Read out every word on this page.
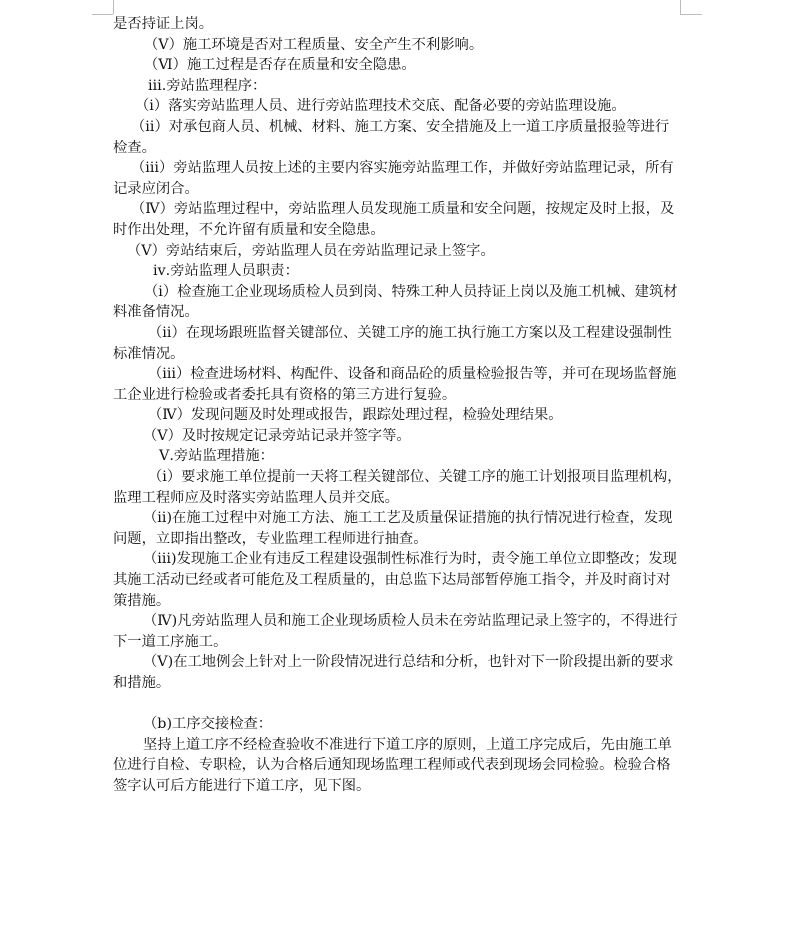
是否持证上岗。

（Ⅴ）施工环境是否对工程质量、安全产生不利影响。

（Ⅵ）施工过程是否存在质量和安全隐患。

ⅲ.旁站监理程序：

（ⅰ）落实旁站监理人员、进行旁站监理技术交底、配备必要的旁站监理设施。

（ⅱ）对承包商人员、机械、材料、施工方案、安全措施及上一道工序质量报验等进行检查。

（ⅲ）旁站监理人员按上述的主要内容实施旁站监理工作，并做好旁站监理记录，所有记录应闭合。

（Ⅳ）旁站监理过程中，旁站监理人员发现施工质量和安全问题，按规定及时上报，及时作出处理，不允许留有质量和安全隐患。

（Ⅴ）旁站结束后，旁站监理人员在旁站监理记录上签字。

ⅳ.旁站监理人员职责：

（ⅰ）检查施工企业现场质检人员到岗、特殊工种人员持证上岗以及施工机械、建筑材料准备情况。

（ⅱ）在现场跟班监督关键部位、关键工序的施工执行施工方案以及工程建设强制性标准情况。

（ⅲ）检查进场材料、构配件、设备和商品砼的质量检验报告等，并可在现场监督施工企业进行检验或者委托具有资格的第三方进行复验。

（Ⅳ）发现问题及时处理或报告，跟踪处理过程，检验处理结果。

（Ⅴ）及时按规定记录旁站记录并签字等。

Ⅴ.旁站监理措施：

（ⅰ）要求施工单位提前一天将工程关键部位、关键工序的施工计划报项目监理机构，监理工程师应及时落实旁站监理人员并交底。

（ⅱ)在施工过程中对施工方法、施工工艺及质量保证措施的执行情况进行检查，发现问题，立即指出整改，专业监理工程师进行抽查。

（ⅲ)发现施工企业有违反工程建设强制性标准行为时，责令施工单位立即整改；发现其施工活动已经或者可能危及工程质量的，由总监下达局部暂停施工指令，并及时商讨对策措施。

（Ⅳ)凡旁站监理人员和施工企业现场质检人员未在旁站监理记录上签字的，不得进行下一道工序施工。

（Ⅴ)在工地例会上针对上一阶段情况进行总结和分析，也针对下一阶段提出新的要求和措施。

（b)工序交接检查：

坚持上道工序不经检查验收不准进行下道工序的原则，上道工序完成后，先由施工单位进行自检、专职检，认为合格后通知现场监理工程师或代表到现场会同检验。检验合格签字认可后方能进行下道工序，见下图。
